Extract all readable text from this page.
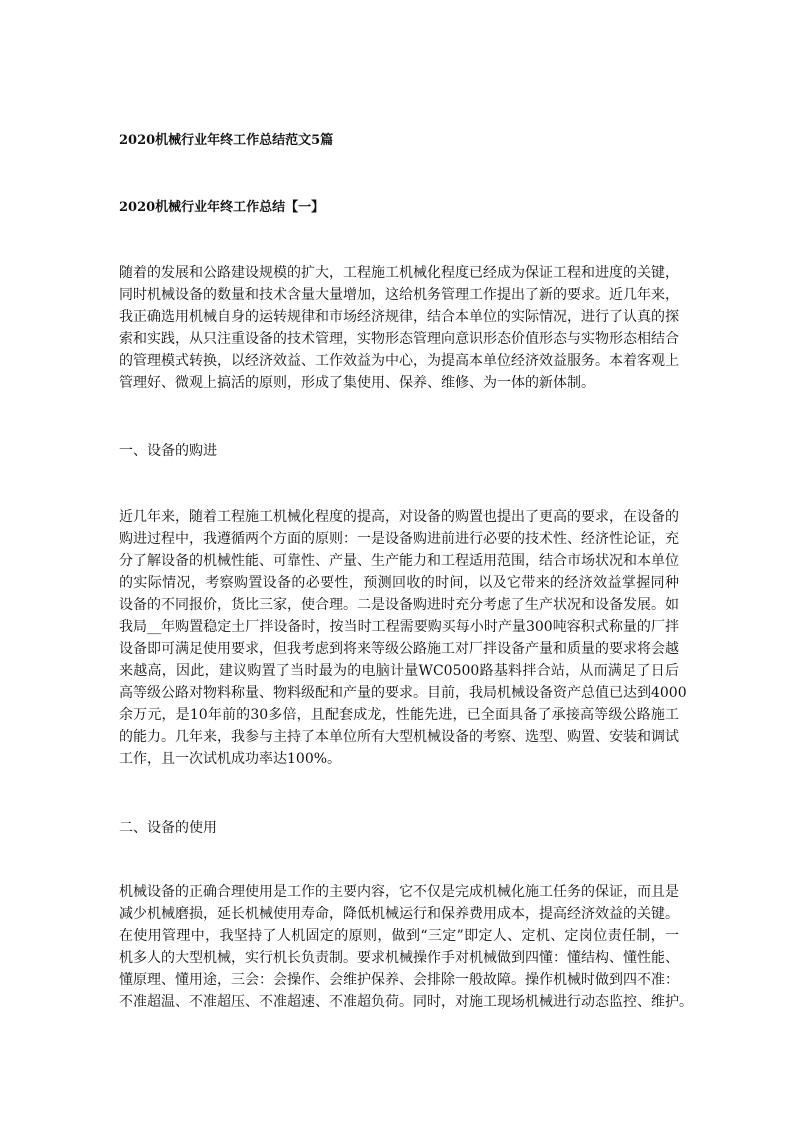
2020机械行业年终工作总结范文5篇
2020机械行业年终工作总结【一】
随着的发展和公路建设规模的扩大，工程施工机械化程度已经成为保证工程和进度的关键，
同时机械设备的数量和技术含量大量增加，这给机务管理工作提出了新的要求。近几年来，
我正确选用机械自身的运转规律和市场经济规律，结合本单位的实际情况，进行了认真的探
索和实践，从只注重设备的技术管理，实物形态管理向意识形态价值形态与实物形态相结合
的管理模式转换，以经济效益、工作效益为中心，为提高本单位经济效益服务。本着客观上
管理好、微观上搞活的原则，形成了集使用、保养、维修、为一体的新体制。
一、设备的购进
近几年来，随着工程施工机械化程度的提高，对设备的购置也提出了更高的要求，在设备的
购进过程中，我遵循两个方面的原则：一是设备购进前进行必要的技术性、经济性论证，充
分了解设备的机械性能、可靠性、产量、生产能力和工程适用范围，结合市场状况和本单位
的实际情况，考察购置设备的必要性，预测回收的时间，以及它带来的经济效益掌握同种
设备的不同报价，货比三家，使合理。二是设备购进时充分考虑了生产状况和设备发展。如
我局__年购置稳定土厂拌设备时，按当时工程需要购买每小时产量300吨容积式称量的厂拌
设备即可满足使用要求，但我考虑到将来等级公路施工对厂拌设备产量和质量的要求将会越
来越高，因此，建议购置了当时最为的电脑计量WC0500路基料拌合站，从而满足了日后
高等级公路对物料称量、物料级配和产量的要求。目前，我局机械设备资产总值已达到4000
余万元，是10年前的30多倍，且配套成龙，性能先进，已全面具备了承接高等级公路施工
的能力。几年来，我参与主持了本单位所有大型机械设备的考察、选型、购置、安装和调试
工作，且一次试机成功率达100%。
二、设备的使用
机械设备的正确合理使用是工作的主要内容，它不仅是完成机械化施工任务的保证，而且是
减少机械磨损，延长机械使用寿命，降低机械运行和保养费用成本，提高经济效益的关键。
在使用管理中，我坚持了人机固定的原则，做到“三定”即定人、定机、定岗位责任制，一
机多人的大型机械，实行机长负责制。要求机械操作手对机械做到四懂：懂结构、懂性能、
懂原理、懂用途，三会：会操作、会维护保养、会排除一般故障。操作机械时做到四不准：
不准超温、不准超压、不准超速、不准超负荷。同时，对施工现场机械进行动态监控、维护。
